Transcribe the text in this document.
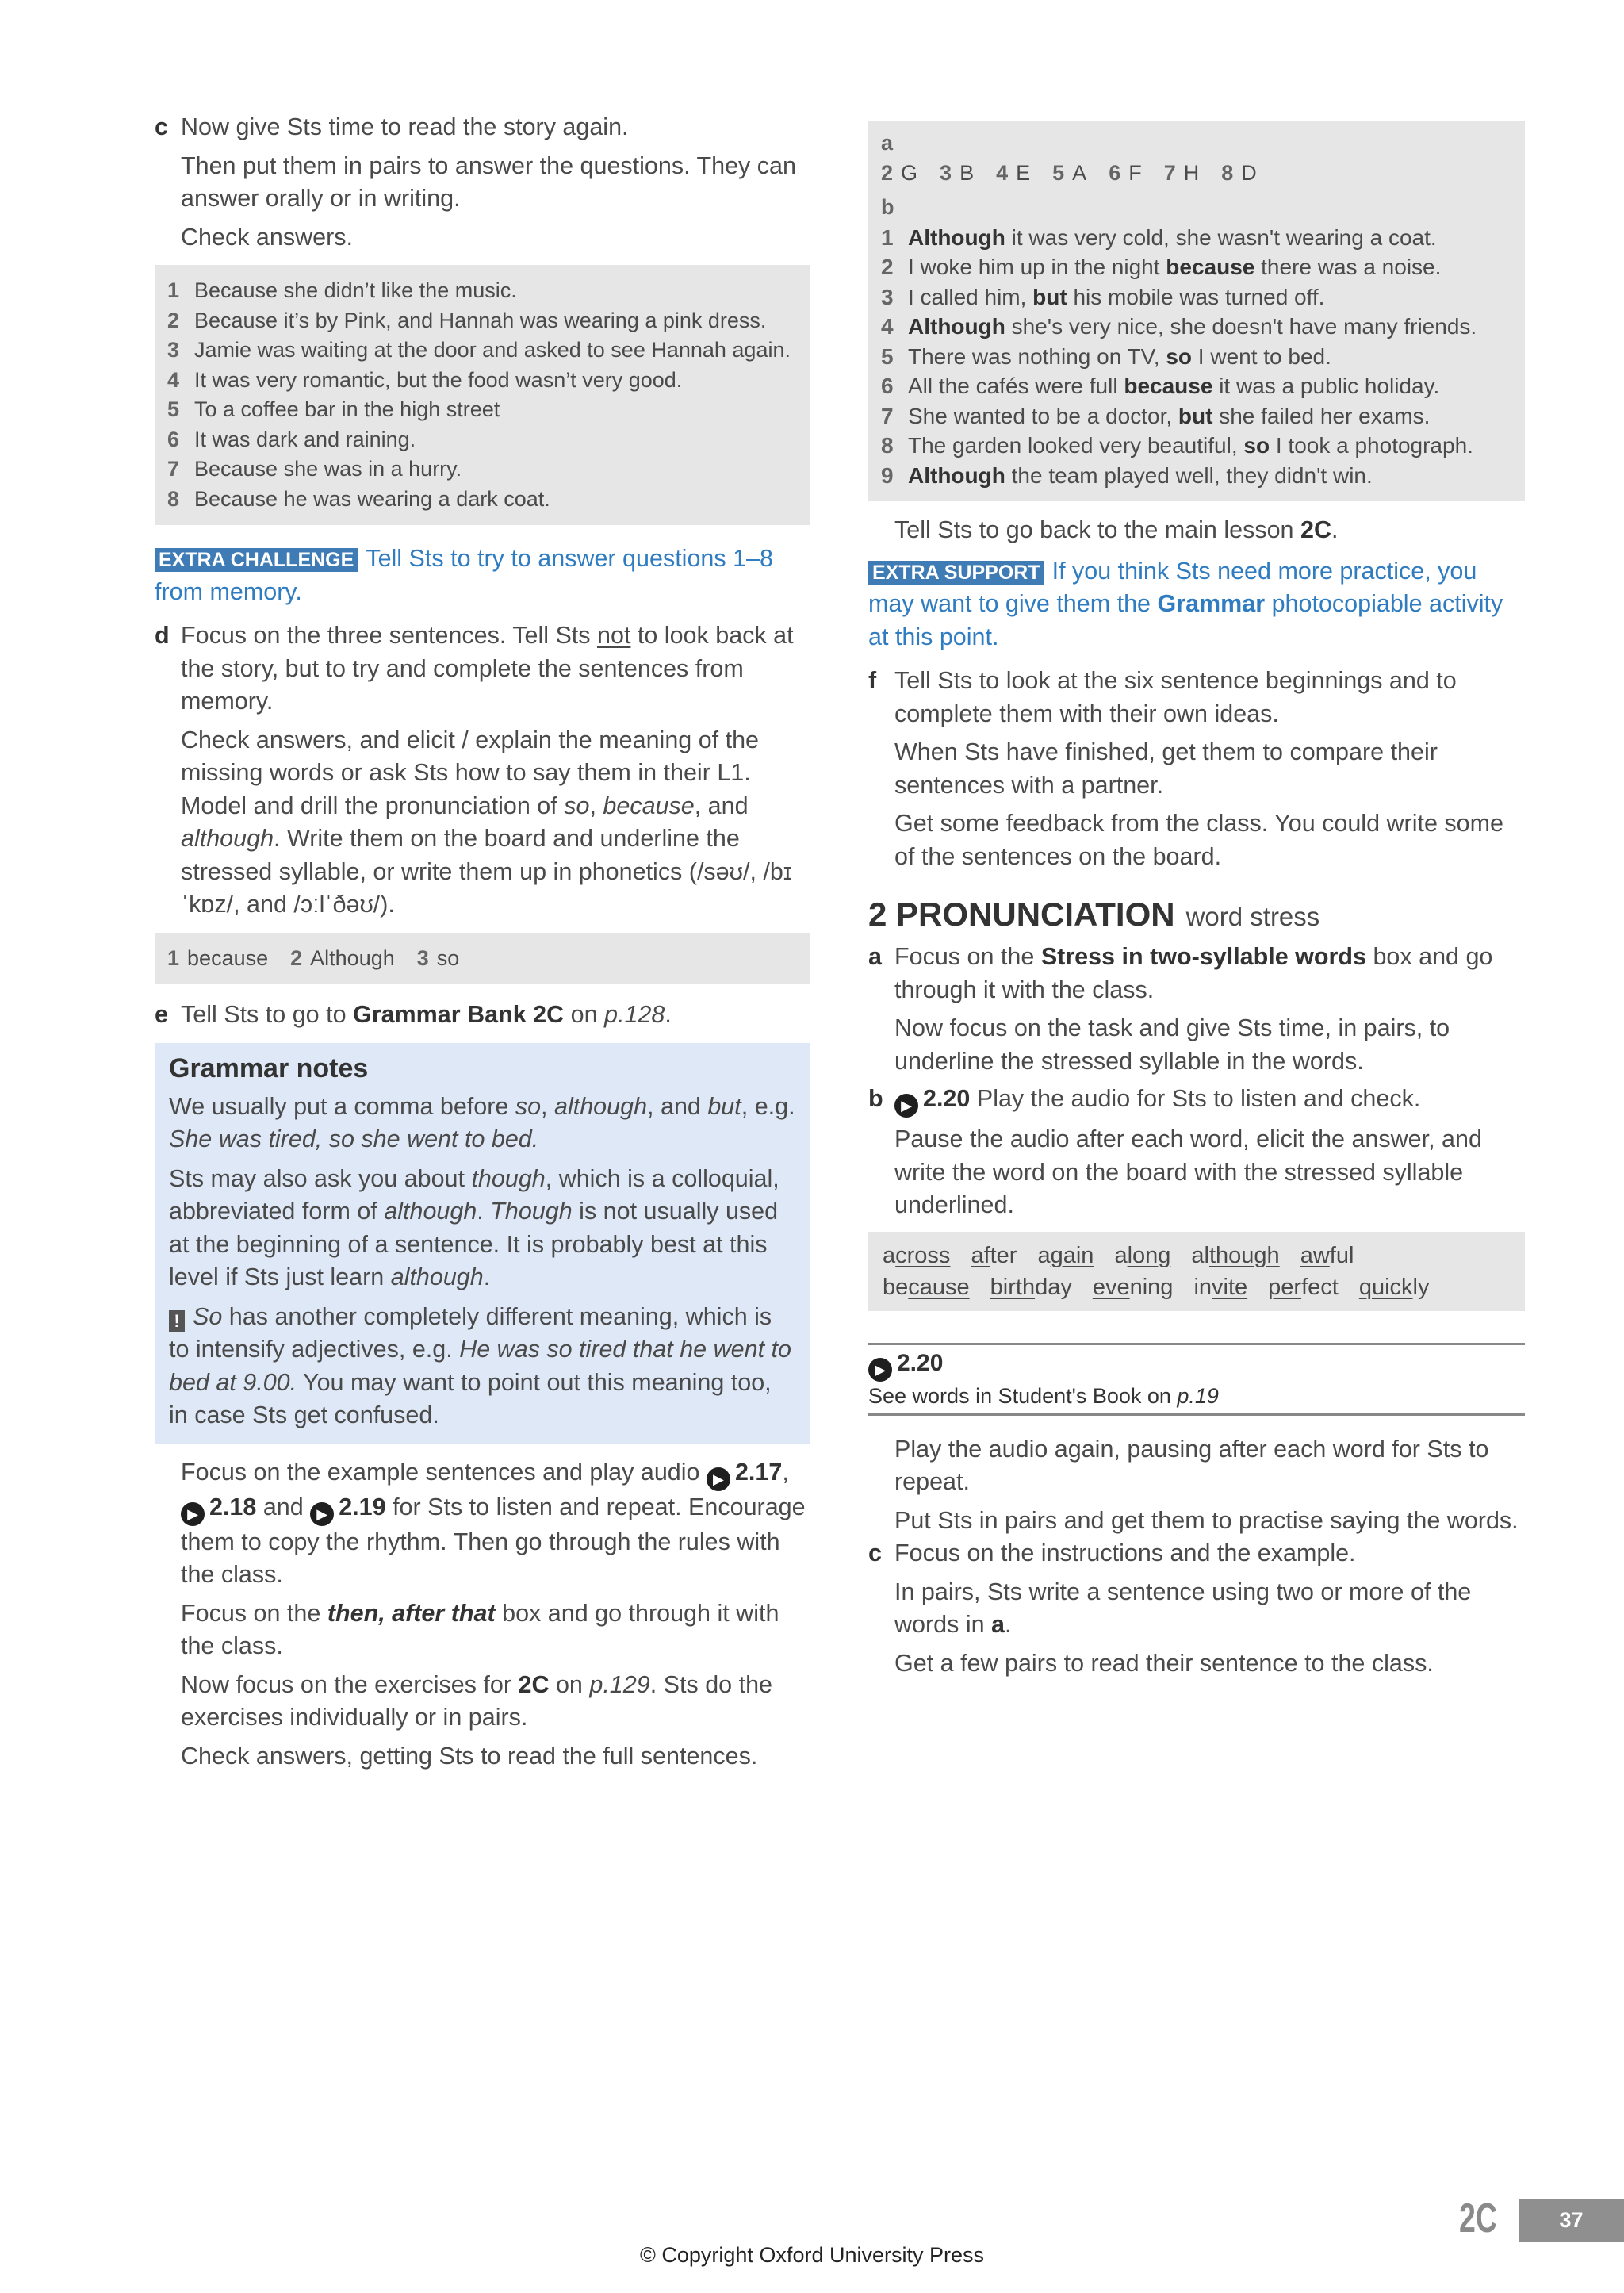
c Now give Sts time to read the story again.

Then put them in pairs to answer the questions. They can answer orally or in writing.

Check answers.

1 Because she didn’t like the music.
2 Because it’s by Pink, and Hannah was wearing a pink dress.
3 Jamie was waiting at the door and asked to see Hannah again.
4 It was very romantic, but the food wasn’t very good.
5 To a coffee bar in the high street
6 It was dark and raining.
7 Because she was in a hurry.
8 Because he was wearing a dark coat.

EXTRA CHALLENGE Tell Sts to try to answer questions 1–8 from memory.

d Focus on the three sentences. Tell Sts not to look back at the story, but to try and complete the sentences from memory.

Check answers, and elicit / explain the meaning of the missing words or ask Sts how to say them in their L1. Model and drill the pronunciation of so, because, and although. Write them on the board and underline the stressed syllable, or write them up in phonetics (/səʊ/, /bɪˈkɒz/, and /ɔːlˈðəʊ/).

1 because 2 Although 3 so
e Tell Sts to go to Grammar Bank 2C on p.128.

Grammar notes

We usually put a comma before so, although, and but, e.g. She was tired, so she went to bed.

Sts may also ask you about though, which is a colloquial, abbreviated form of although. Though is not usually used at the beginning of a sentence. It is probably best at this level if Sts just learn although.

! So has another completely different meaning, which is to intensify adjectives, e.g. He was so tired that he went to bed at 9.00. You may want to point out this meaning too, in case Sts get confused.

Focus on the example sentences and play audio ▶ 2.17, ▶ 2.18 and ▶ 2.19 for Sts to listen and repeat. Encourage them to copy the rhythm. Then go through the rules with the class.

Focus on the then, after that box and go through it with the class.

Now focus on the exercises for 2C on p.129. Sts do the exercises individually or in pairs.

Check answers, getting Sts to read the full sentences.

a
2 G 3 B 4 E 5 A 6 F 7 H 8 D
b
1 Although it was very cold, she wasn't wearing a coat.
2 I woke him up in the night because there was a noise.
3 I called him, but his mobile was turned off.
4 Although she's very nice, she doesn't have many friends.
5 There was nothing on TV, so I went to bed.
6 All the cafés were full because it was a public holiday.
7 She wanted to be a doctor, but she failed her exams.
8 The garden looked very beautiful, so I took a photograph.
9 Although the team played well, they didn't win.

Tell Sts to go back to the main lesson 2C.

EXTRA SUPPORT If you think Sts need more practice, you may want to give them the Grammar photocopiable activity at this point.

f Tell Sts to look at the six sentence beginnings and to complete them with their own ideas.

When Sts have finished, get them to compare their sentences with a partner.

Get some feedback from the class. You could write some of the sentences on the board.

2 PRONUNCIATION word stress
a Focus on the Stress in two-syllable words box and go through it with the class.

Now focus on the task and give Sts time, in pairs, to underline the stressed syllable in the words.

b	▶ 2.20 Play the audio for Sts to listen and check.

Pause the audio after each word, elicit the answer, and write the word on the board with the stressed syllable underlined.

across after again along although awful
because birthday evening invite perfect quickly
▶ 2.20
See words in Student's Book on p.19

Play the audio again, pausing after each word for Sts to repeat.

Put Sts in pairs and get them to practise saying the words.

c Focus on the instructions and the example.

In pairs, Sts write a sentence using two or more of the words in a.

Get a few pairs to read their sentence to the class.

2C	37
© Copyright Oxford University Press
